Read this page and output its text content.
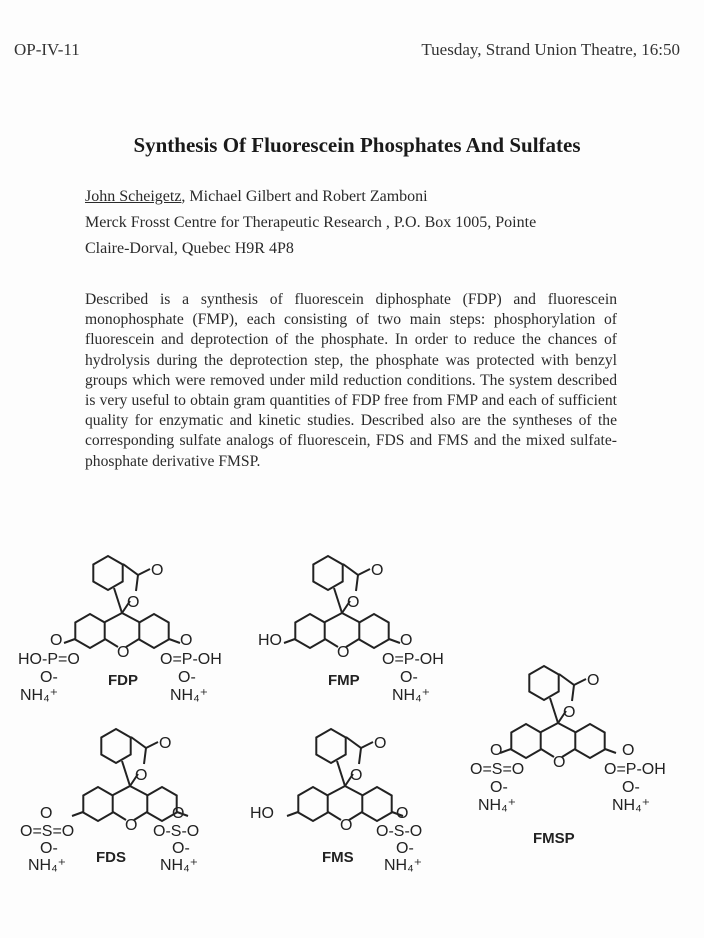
OP-IV-11	Tuesday, Strand Union Theatre, 16:50
Synthesis Of Fluorescein Phosphates And Sulfates
John Scheigetz, Michael Gilbert and Robert Zamboni
Merck Frosst Centre for Therapeutic Research , P.O. Box 1005, Pointe
Claire-Dorval, Quebec H9R 4P8
Described is a synthesis of fluorescein diphosphate (FDP) and fluorescein monophosphate (FMP), each consisting of two main steps: phosphorylation of fluorescein and deprotection of the phosphate. In order to reduce the chances of hydrolysis during the deprotection step, the phosphate was protected with benzyl groups which were removed under mild reduction conditions. The system described is very useful to obtain gram quantities of FDP free from FMP and each of sufficient quality for enzymatic and kinetic studies. Described also are the syntheses of the corresponding sulfate analogs of fluorescein, FDS and FMS and the mixed sulfate-phosphate derivative FMSP.
O
O
O
O
O
O
O
O
O
O
O
O
O
O
O
O
HO-P=O
O-
NH₄⁺
O
O=P-OH
O-
NH₄⁺
FDP
HO	O
O=P-OH
O-
NH₄⁺
FMP
O
O=S=O
O-
NH₄⁺
O
O=P-OH
O-
NH₄⁺
FMSP
O
O=S=O
O-
NH₄⁺
O
O-S-O
O-
NH₄⁺
FDS
HO	O
O-S-O
O-
NH₄⁺
FMS
